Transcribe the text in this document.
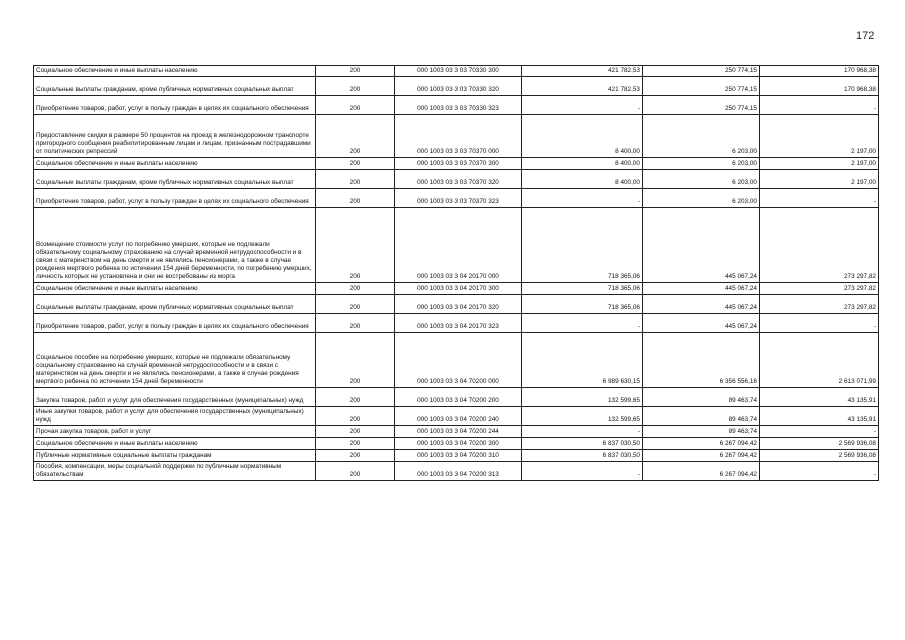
172
Социальное обеспечение и иные выплаты населению	200	000 1003 03 3 03 70330 300	421 782,53	250 774,15	170 968,38
Социальные выплаты гражданам, кроме публичных нормативных социальных выплат	200	000 1003 03 3 03 70330 320	421 782,53	250 774,15	170 968,38
Приобретение товаров, работ, услуг в пользу граждан в целях их социального обеспечения	200	000 1003 03 3 03 70330 323	-	250 774,15	-
Предоставление скидки в размере 50 процентов на проезд в железнодорожном транспорте пригородного сообщения реабилитированным лицам и лицам, признанным пострадавшими от политических репрессий	200	000 1003 03 3 03 70370 000	8 400,00	6 203,00	2 197,00
Социальное обеспечение и иные выплаты населению	200	000 1003 03 3 03 70370 300	8 400,00	6 203,00	2 197,00
Социальные выплаты гражданам, кроме публичных нормативных социальных выплат	200	000 1003 03 3 03 70370 320	8 400,00	6 203,00	2 197,00
Приобретение товаров, работ, услуг в пользу граждан в целях их социального обеспечения	200	000 1003 03 3 03 70370 323	-	6 203,00	-
Возмещение стоимости услуг по погребению умерших, которые не подлежали обязательному социальному страхованию на случай временной нетрудоспособности и в связи с материнством на день смерти и не являлись пенсионерами, а также в случае рождения мертвого ребенка по истечении 154 дней беременности, по погребению умерших, личность которых не установлена и они не востребованы из морга	200	000 1003 03 3 04 20170 000	718 365,06	445 067,24	273 297,82
Социальное обеспечение и иные выплаты населению	200	000 1003 03 3 04 20170 300	718 365,06	445 067,24	273 297,82
Социальные выплаты гражданам, кроме публичных нормативных социальных выплат	200	000 1003 03 3 04 20170 320	718 365,06	445 067,24	273 297,82
Приобретение товаров, работ, услуг в пользу граждан в целях их социального обеспечения	200	000 1003 03 3 04 20170 323	-	445 067,24	-
Социальное пособие на погребение умерших, которые не подлежали обязательному социальному страхованию на случай временной нетрудоспособности и в связи с материнством на день смерти и не являлись пенсионерами, а также в случае рождения мертвого ребенка по истечении 154 дней беременности	200	000 1003 03 3 04 70200 000	6 989 630,15	6 356 556,16	2 613 071,99
Закупка товаров, работ и услуг для обеспечения государственных (муниципальных) нужд	200	000 1003 03 3 04 70200 200	132 599,65	89 463,74	43 135,91
Иные закупки товаров, работ и услуг для обеспечения государственных (муниципальных) нужд	200	000 1003 03 3 04 70200 240	132 599,65	89 463,74	43 135,91
Прочая закупка товаров, работ и услуг	200	000 1003 03 3 04 70200 244	-	89 463,74	-
Социальное обеспечение и иные выплаты населению	200	000 1003 03 3 04 70200 300	6 837 030,50	6 267 094,42	2 569 936,08
Публичные нормативные социальные выплаты гражданам	200	000 1003 03 3 04 70200 310	6 837 030,50	6 267 094,42	2 569 936,08
Пособия, компенсации, меры социальной поддержки по публичным нормативным обязательствам	200	000 1003 03 3 04 70200 313	-	6 267 094,42	-
